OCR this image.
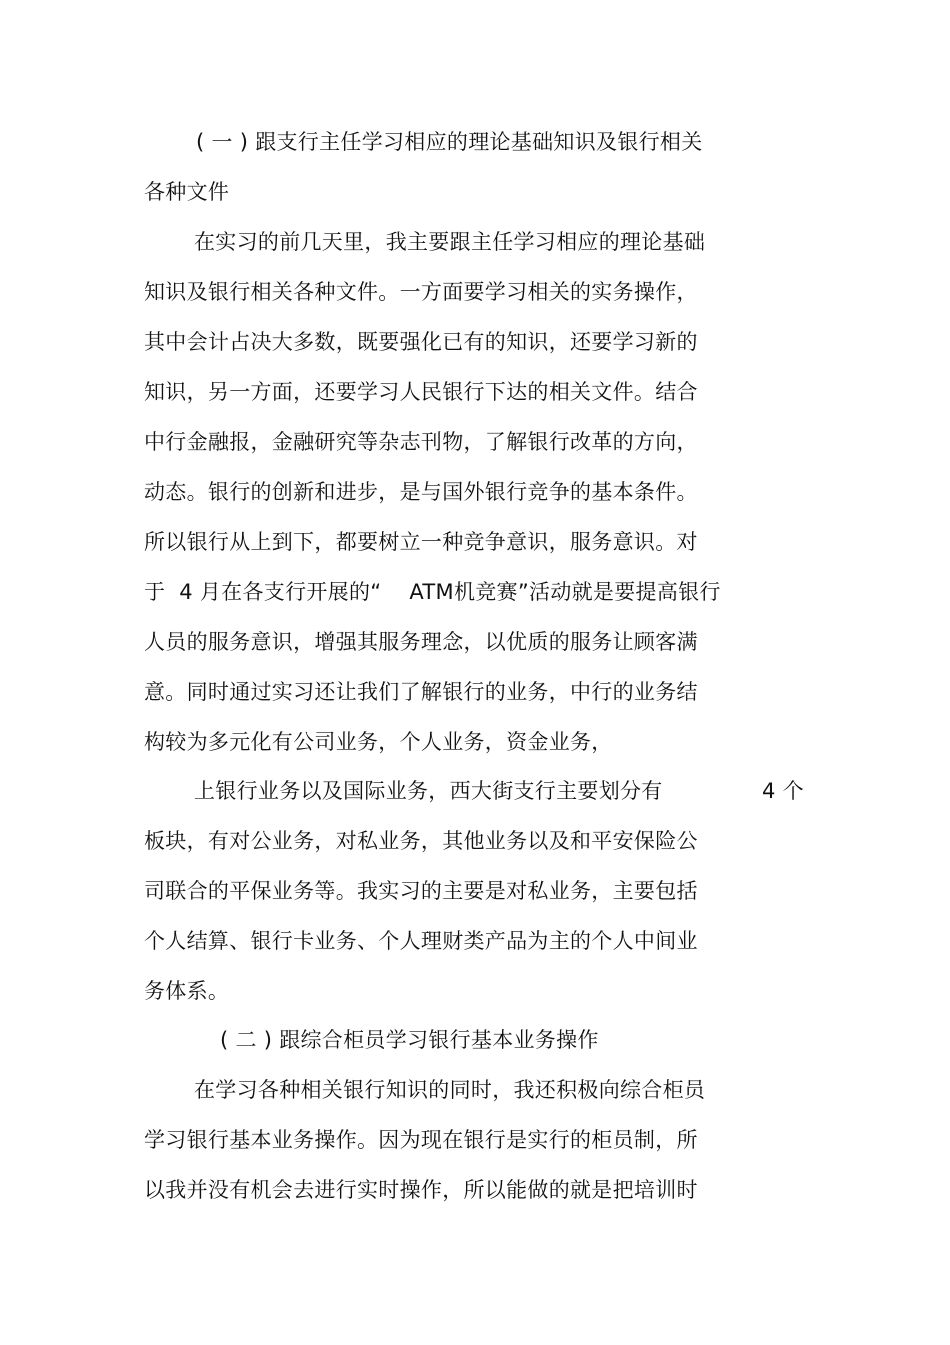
( 一 ) 跟支行主任学习相应的理论基础知识及银行相关
各种文件
在实习的前几天里，我主要跟主任学习相应的理论基础
知识及银行相关各种文件。一方面要学习相关的实务操作，
其中会计占决大多数，既要强化已有的知识，还要学习新的
知识，另一方面，还要学习人民银行下达的相关文件。结合
中行金融报，金融研究等杂志刊物，了解银行改革的方向，
动态。银行的创新和进步，是与国外银行竞争的基本条件。
所以银行从上到下，都要树立一种竞争意识，服务意识。对
于  4 月在各支行开展的“    ATM机竞赛”活动就是要提高银行
人员的服务意识，增强其服务理念，以优质的服务让顾客满
意。同时通过实习还让我们了解银行的业务，中行的业务结
构较为多元化有公司业务，个人业务，资金业务，
上银行业务以及国际业务，西大街支行主要划分有	4 个
板块，有对公业务，对私业务，其他业务以及和平安保险公
司联合的平保业务等。我实习的主要是对私业务，主要包括
个人结算、银行卡业务、个人理财类产品为主的个人中间业
务体系。
( 二 ) 跟综合柜员学习银行基本业务操作
在学习各种相关银行知识的同时，我还积极向综合柜员
学习银行基本业务操作。因为现在银行是实行的柜员制，所
以我并没有机会去进行实时操作，所以能做的就是把培训时
